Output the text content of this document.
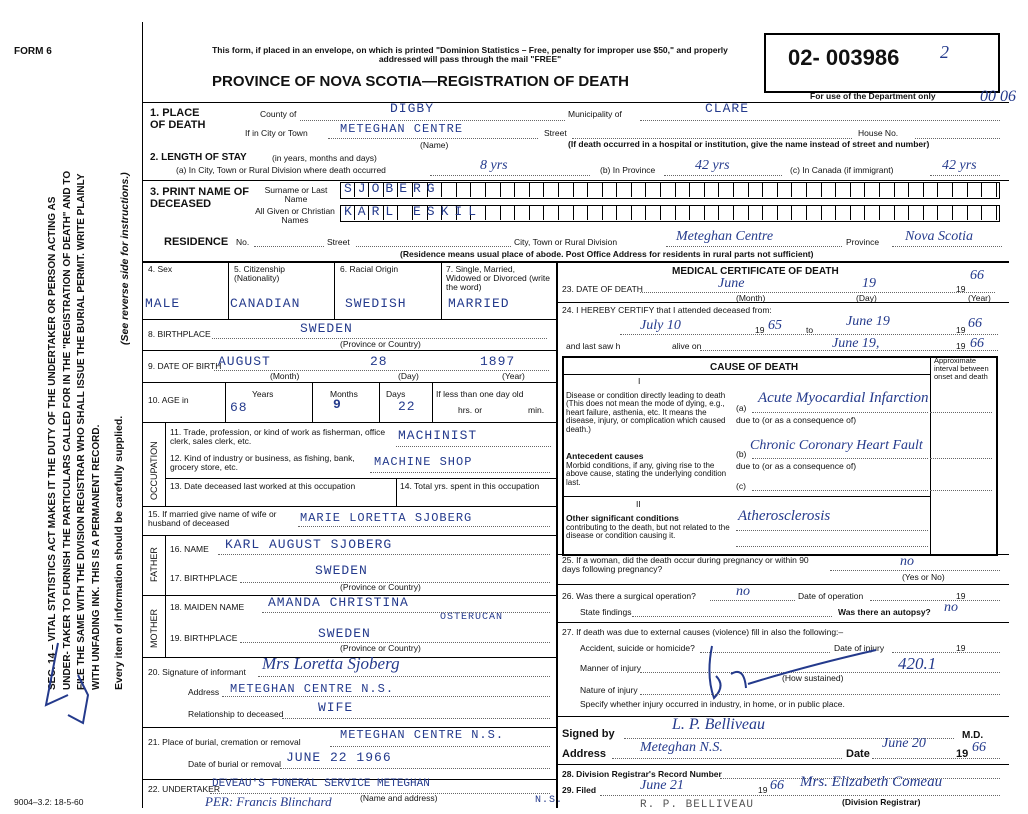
FORM 6
SEC. 14 – VITAL STATISTICS ACT MAKES IT THE DUTY OF THE UNDERTAKER OR PERSON ACTING AS UNDER- TAKER TO FURNISH THE PARTICULARS CALLED FOR IN THE "REGISTRATION OF DEATH" AND TO FILE THE SAME WITH THE DIVISION REGISTRAR WHO SHALL ISSUE THE BURIAL PERMIT. WRITE PLAINLY WITH UNFADING INK. THIS IS A PERMANENT RECORD. Every item of information should be carefully supplied.
(See reverse side for instructions.)
This form, if placed in an envelope, on which is printed "Dominion Statistics – Free, penalty for improper use $50," and properly addressed will pass through the mail "FREE"
PROVINCE OF NOVA SCOTIA—REGISTRATION OF DEATH
02- 003986 2
For use of the Department only	00 06
1. PLACE OF DEATH
County of	DIGBY	Municipality of	CLARE
If in City or Town	METEGHAN CENTRE
(Name)
Street	House No.
(If death occurred in a hospital or institution, give the name instead of street and number)
2. LENGTH OF STAY	(in years, months and days)
(a) In City, Town or Rural Division where death occurred	8 yrs	(b) In Province	42 yrs	(c) In Canada (if immigrant)	42 yrs
3. PRINT NAME OF DECEASED
Surname or Last Name
All Given or Christian Names
SJOBERG
KARL ESKIL
RESIDENCE No.	Street	City, Town or Rural Division	Meteghan Centre	Province Nova Scotia
(Residence means usual place of abode. Post Office Address for residents in rural parts not sufficient)
4. Sex	5. Citizenship (Nationality)
6. Racial Origin	7. Single, Married, Widowed or Divorced (write the word)
MALE	CANADIAN	SWEDISH	MARRIED
8. BIRTHPLACE	SWEDEN
(Province or Country)
9. DATE OF BIRTH
AUGUST	28	1897
(Month)	(Day)	(Year)
10. AGE in
Years	Months	Days
68	9	22
If less than one day old
hrs. or	min.
OCCUPATION
11. Trade, profession, or kind of work as fisherman, office clerk, sales clerk, etc.	MACHINIST
12. Kind of industry or business, as fishing, bank, grocery store, etc.	MACHINE SHOP
13. Date deceased last worked at this occupation	14. Total yrs. spent in this occupation
15. If married give name of wife or husband of deceased	MARIE LORETTA SJOBERG
FATHER 16. NAME KARL AUGUST SJOBERG
17. BIRTHPLACE	SWEDEN
(Province or Country)
MOTHER
18. MAIDEN NAME AMANDA CHRISTINA
OSTERUCAN
19. BIRTHPLACE	SWEDEN
(Province or Country)
20. Signature of informant Mrs Loretta Sjoberg
Address METEGHAN CENTRE N.S.
Relationship to deceased	WIFE
21. Place of burial, cremation or removal	METEGHAN CENTRE N.S.
Date of burial or removal JUNE 22 1966
22. UNDERTAKER
DEVEAU'S FUNERAL SERVICE METEGHAN
N.S.
(Name and address)
PER: Francis Blinchard
9004–3.2: 18-5-60	R. P. BELLIVEAU
MEDICAL CERTIFICATE OF DEATH
23. DATE OF DEATH	June	19	19
66
(Month)	(Day)	(Year)
24. I HEREBY CERTIFY that I attended deceased from:
July 10	19 65	to
June 19
19 66
and last saw h	alive on	June 19,	19 66
CAUSE OF DEATH
Approximate interval between onset and death
I
Disease or condition directly leading to death (This does not mean the mode of dying, e.g., heart failure, asthenia, etc. It means the disease, injury, or complication which caused death.)
(a)
Acute Myocardial Infarction
due to (or as a consequence of)
Antecedent causes
Morbid conditions, if any, giving rise to the above cause, stating the underlying condition last.
(b)
Chronic Coronary Heart Fault
due to (or as a consequence of)
(c)
II
Other significant conditions
contributing to the death, but not related to the disease or condition causing it.
Atherosclerosis
25. If a woman, did the death occur during pregnancy or within 90 days following pregnancy?	no
(Yes or No)
26. Was there a surgical operation?	no	Date of operation	19
State findings	Was there an autopsy? no
27. If death was due to external causes (violence) fill in also the following:–
Accident, suicide or homicide?	Date of injury	19
Manner of injury
(How sustained)
420.1
Nature of injury
Specify whether injury occurred in industry, in home, or in public place.
Signed by
L. P. Belliveau
M.D.
Address Meteghan N.S.	Date
June 20
19 66
28. Division Registrar's Record Number
29. Filed	June 21	19 66 Mrs. Elizabeth Comeau
(Division Registrar)
